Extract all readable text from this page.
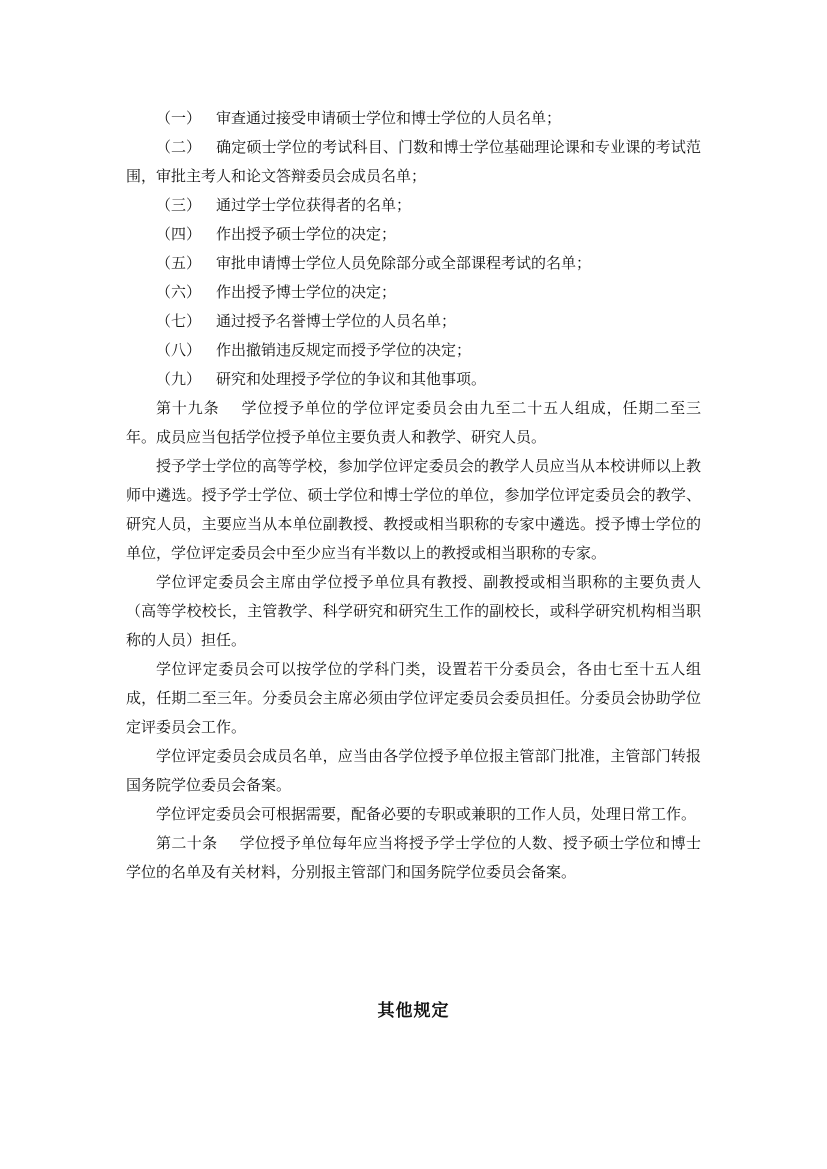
（一） 审查通过接受申请硕士学位和博士学位的人员名单；

（二） 确定硕士学位的考试科目、门数和博士学位基础理论课和专业课的考试范围，审批主考人和论文答辩委员会成员名单；

（三） 通过学士学位获得者的名单；

（四） 作出授予硕士学位的决定；

（五） 审批申请博士学位人员免除部分或全部课程考试的名单；

（六） 作出授予博士学位的决定；

（七） 通过授予名誉博士学位的人员名单；

（八） 作出撤销违反规定而授予学位的决定；

（九） 研究和处理授予学位的争议和其他事项。

第十九条 学位授予单位的学位评定委员会由九至二十五人组成，任期二至三年。成员应当包括学位授予单位主要负责人和教学、研究人员。

授予学士学位的高等学校，参加学位评定委员会的教学人员应当从本校讲师以上教师中遴选。授予学士学位、硕士学位和博士学位的单位，参加学位评定委员会的教学、研究人员，主要应当从本单位副教授、教授或相当职称的专家中遴选。授予博士学位的单位，学位评定委员会中至少应当有半数以上的教授或相当职称的专家。

学位评定委员会主席由学位授予单位具有教授、副教授或相当职称的主要负责人（高等学校校长，主管教学、科学研究和研究生工作的副校长，或科学研究机构相当职称的人员）担任。

学位评定委员会可以按学位的学科门类，设置若干分委员会，各由七至十五人组成，任期二至三年。分委员会主席必须由学位评定委员会委员担任。分委员会协助学位定评委员会工作。

学位评定委员会成员名单，应当由各学位授予单位报主管部门批准，主管部门转报国务院学位委员会备案。

学位评定委员会可根据需要，配备必要的专职或兼职的工作人员，处理日常工作。

第二十条 学位授予单位每年应当将授予学士学位的人数、授予硕士学位和博士学位的名单及有关材料，分别报主管部门和国务院学位委员会备案。

其他规定
